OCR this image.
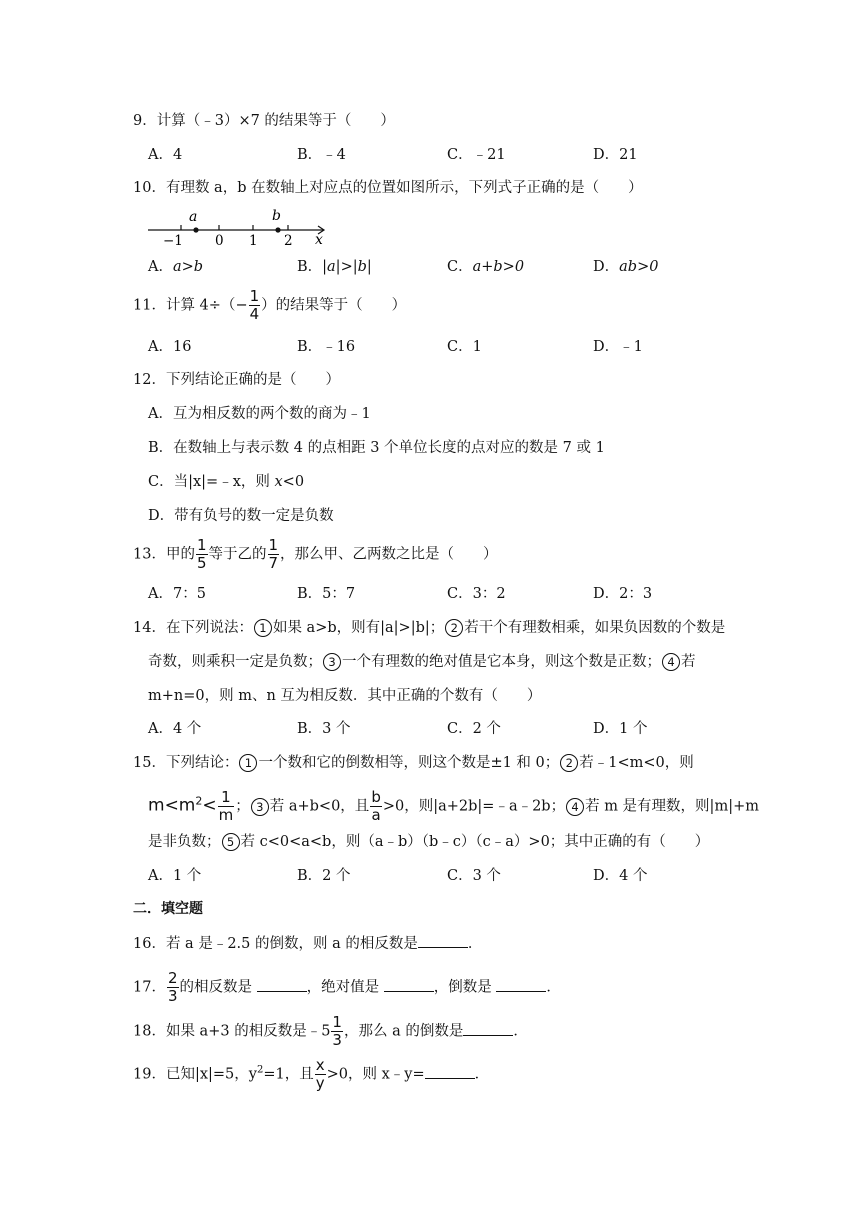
9．计算（﹣3）×7 的结果等于（　　）
A．4	B．﹣4	C．﹣21	D．21
10．有理数 a，b 在数轴上对应点的位置如图所示，下列式子正确的是（　　）
a	b
x
−1 0 1 2
A．a>b	B．|a|>|b|	C．a+b>0	D．ab>0
11．计算 $4\div(- \frac{1}{4}$ ）的结果等于（　　）
A．16	B．﹣16	C．1	D．﹣1
12．下列结论正确的是（　　）
A．互为相反数的两个数的商为﹣1
B．在数轴上与表示数 4 的点相距 3 个单位长度的点对应的数是 7 或 1
C．当|x|=﹣x，则 x<0
D．带有负号的数一定是负数
13．甲的 $\frac{1}{5}$ 等于乙的 $\frac{1}{7}$ ，那么甲、乙两数之比是（　　）
A．7：5	B．5：7	C．3：2	D．2：3
14．在下列说法： 1 如果 a>b，则有|a|>|b|； 2 若干个有理数相乘，如果负因数的个数是
奇数，则乘积一定是负数； 3 一个有理数的绝对值是它本身，则这个数是正数； 4 若
m+n=0，则 m、n 互为相反数．其中正确的个数有（　　）
A．4 个	B．3 个	C．2 个	D．1 个
15．下列结论： 1 一个数和它的倒数相等，则这个数是±1 和 0； 2 若﹣1<m<0，则
$m<m^2< \frac{1}{m}$ ； 3 若 a+b<0，且 $\frac{b}{a} >0$，则|a+2b|=﹣a﹣2b； 4 若 m 是有理数，则|m|+m
是非负数； 5 若 c<0<a<b，则（a﹣b）（b﹣c）（c﹣a）>0；其中正确的有（　　）
A．1 个	B．2 个	C．3 个	D．4 个
二．填空题
16．若 a 是﹣2.5 的倒数，则 a 的相反数是	．
17． $\frac{2}{3}$ 的相反数是	，绝对值是	，倒数是	．
18．如果 a+3 的相反数是﹣5 $\frac{1}{3}$ ，那么 a 的倒数是	．
19．已知|x|=5，$y^2=1$，且 $\frac{x}{y} >0$，则 x﹣y=	．
